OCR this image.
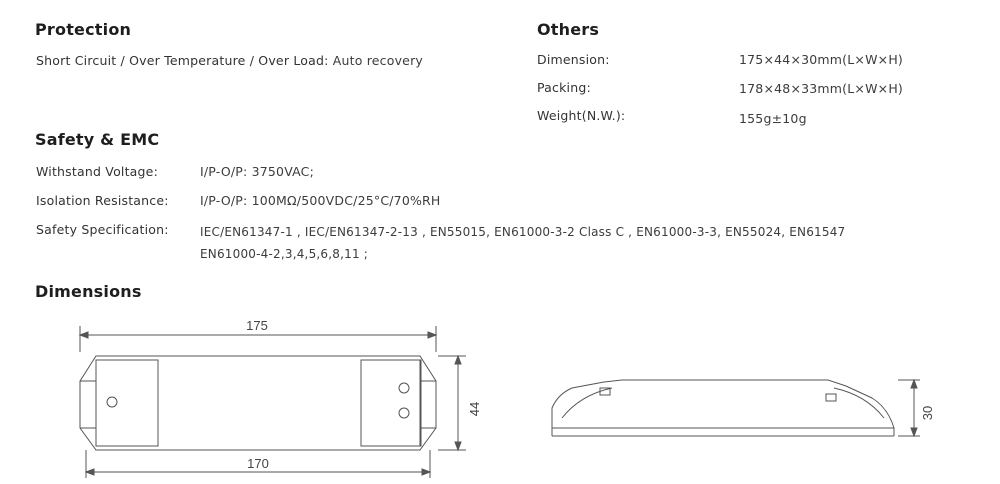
Protection
Short Circuit / Over Temperature / Over Load: Auto recovery
Others
Dimension:	175×44×30mm(L×W×H)
Packing:	178×48×33mm(L×W×H)
Weight(N.W.):	155g±10g
Safety & EMC
Withstand Voltage:	I/P-O/P: 3750VAC;
Isolation Resistance:	I/P-O/P: 100MΩ/500VDC/25°C/70%RH
Safety Specification:	IEC/EN61347-1 , IEC/EN61347-2-13 , EN55015, EN61000-3-2 Class C , EN61000-3-3, EN55024, EN61547
EN61000-4-2,3,4,5,6,8,11 ;
Dimensions
175
170
44	30
